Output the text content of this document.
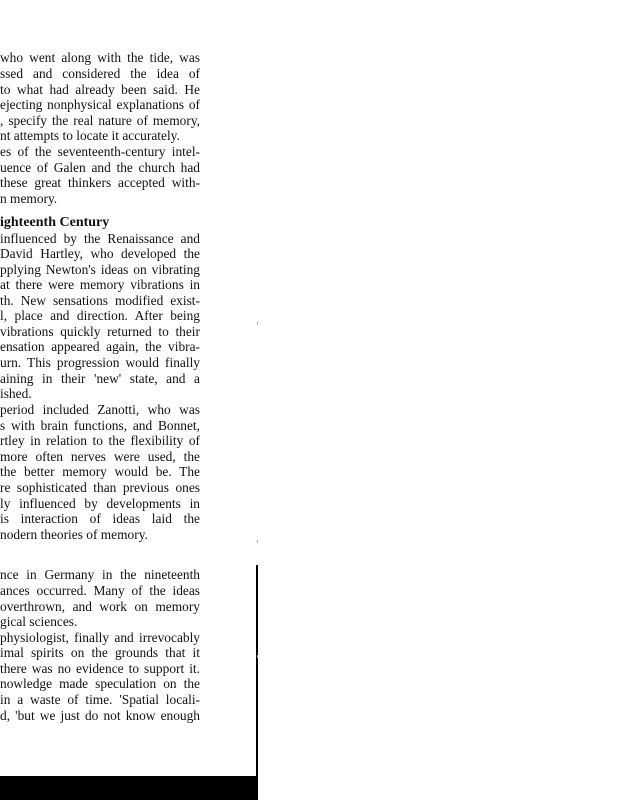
who went along with the tide, was
ssed and considered the idea of
to what had already been said. He
ejecting nonphysical explanations of
, specify the real nature of memory,
nt attempts to locate it accurately.
es of the seventeenth-century intel-
uence of Galen and the church had
these great thinkers accepted with-
n memory.
ighteenth Century
influenced by the Renaissance and
David Hartley, who developed the
pplying Newton's ideas on vibrating
at there were memory vibrations in
th. New sensations modified exist-
l, place and direction. After being
vibrations quickly returned to their
ensation appeared again, the vibra-
urn. This progression would finally
aining in their 'new' state, and a
ished.
period included Zanotti, who was
s with brain functions, and Bonnet,
rtley in relation to the flexibility of
more often nerves were used, the
the better memory would be. The
re sophisticated than previous ones
ly influenced by developments in
is interaction of ideas laid the
nodern theories of memory.
nce in Germany in the nineteenth
ances occurred. Many of the ideas
overthrown, and work on memory
gical sciences.
physiologist, finally and irrevocably
imal spirits on the grounds that it
there was no evidence to support it.
nowledge made speculation on the
in a waste of time. 'Spatial locali-
d, 'but we just do not know enough
